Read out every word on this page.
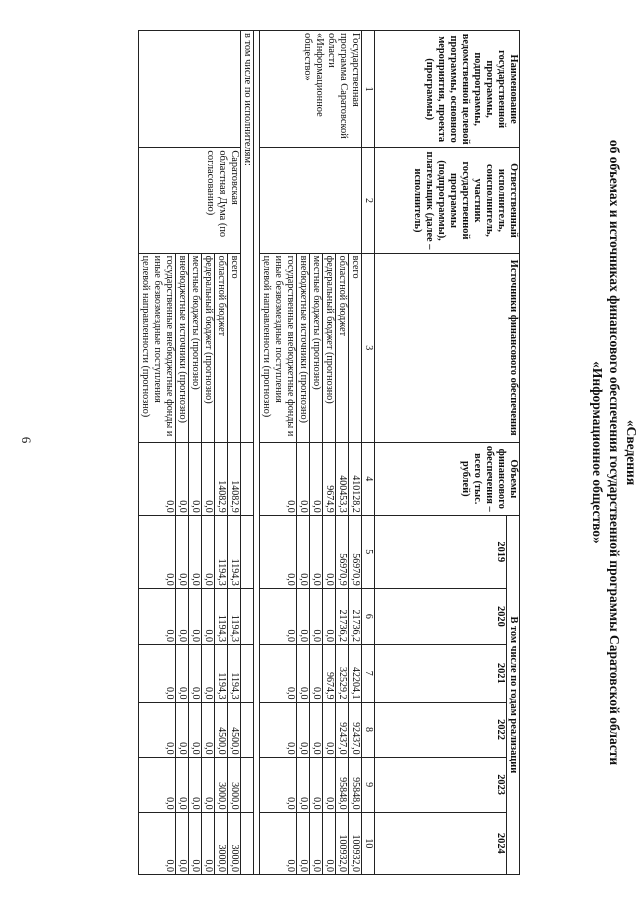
6	«Сведения
об объемах и источниках финансового обеспечения государственной программы Саратовской области
«Информационное общество»
Наименование государственной программы, подпрограммы, ведомственной целевой программы, основного мероприятия, проекта (программы)	Ответственный исполнитель, соисполнитель, участник государственной программы (подпрограммы), плательщик (далее – исполнитель)	Источники финансового обеспечения	Объемы финансового обеспечения – всего (тыс. рублей)	В том числе по годам реализации					
				2019	2020	2021	2022	2023	2024
1	2	3	4	5	6	7	8	9	10
Государственная программа Саратовской области «Информационное общество»		всего	410128,2	56970,9	21736,2	42204,1	92437,0	95848,0	100932,0
		областной бюджет	400453,3	56970,9	21736,2	32529,2	92437,0	95848,0	100932,0
		федеральный бюджет (прогнозно)	9674,9	0,0	0,0	9674,9	0,0	0,0	0,0
		местные бюджеты (прогнозно)	0,0	0,0	0,0	0,0	0,0	0,0	0,0
		внебюджетные источники (прогнозно)	0,0	0,0	0,0	0,0	0,0	0,0	0,0
		государственные внебюджетные фонды и иные безвозмездные поступления целевой направленности (прогнозно)	0,0	0,0	0,0	0,0	0,0	0,0	0,0

в том числе по исполнителям:									
	Саратовская областная Дума (по согласованию)	всего	14082,9	1194,3	1194,3	1194,3	4500,0	3000,0	3000,0
		областной бюджет	14082,9	1194,3	1194,3	1194,3	4500,0	3000,0	3000,0
		федеральный бюджет (прогнозно)	0,0	0,0	0,0	0,0	0,0	0,0	0,0
		местные бюджеты (прогнозно)	0,0	0,0	0,0	0,0	0,0	0,0	0,0
		внебюджетные источники (прогнозно)	0,0	0,0	0,0	0,0	0,0	0,0	0,0
		государственные внебюджетные фонды и иные безвозмездные поступления целевой направленности (прогнозно)	0,0	0,0	0,0	0,0	0,0	0,0	0,0
